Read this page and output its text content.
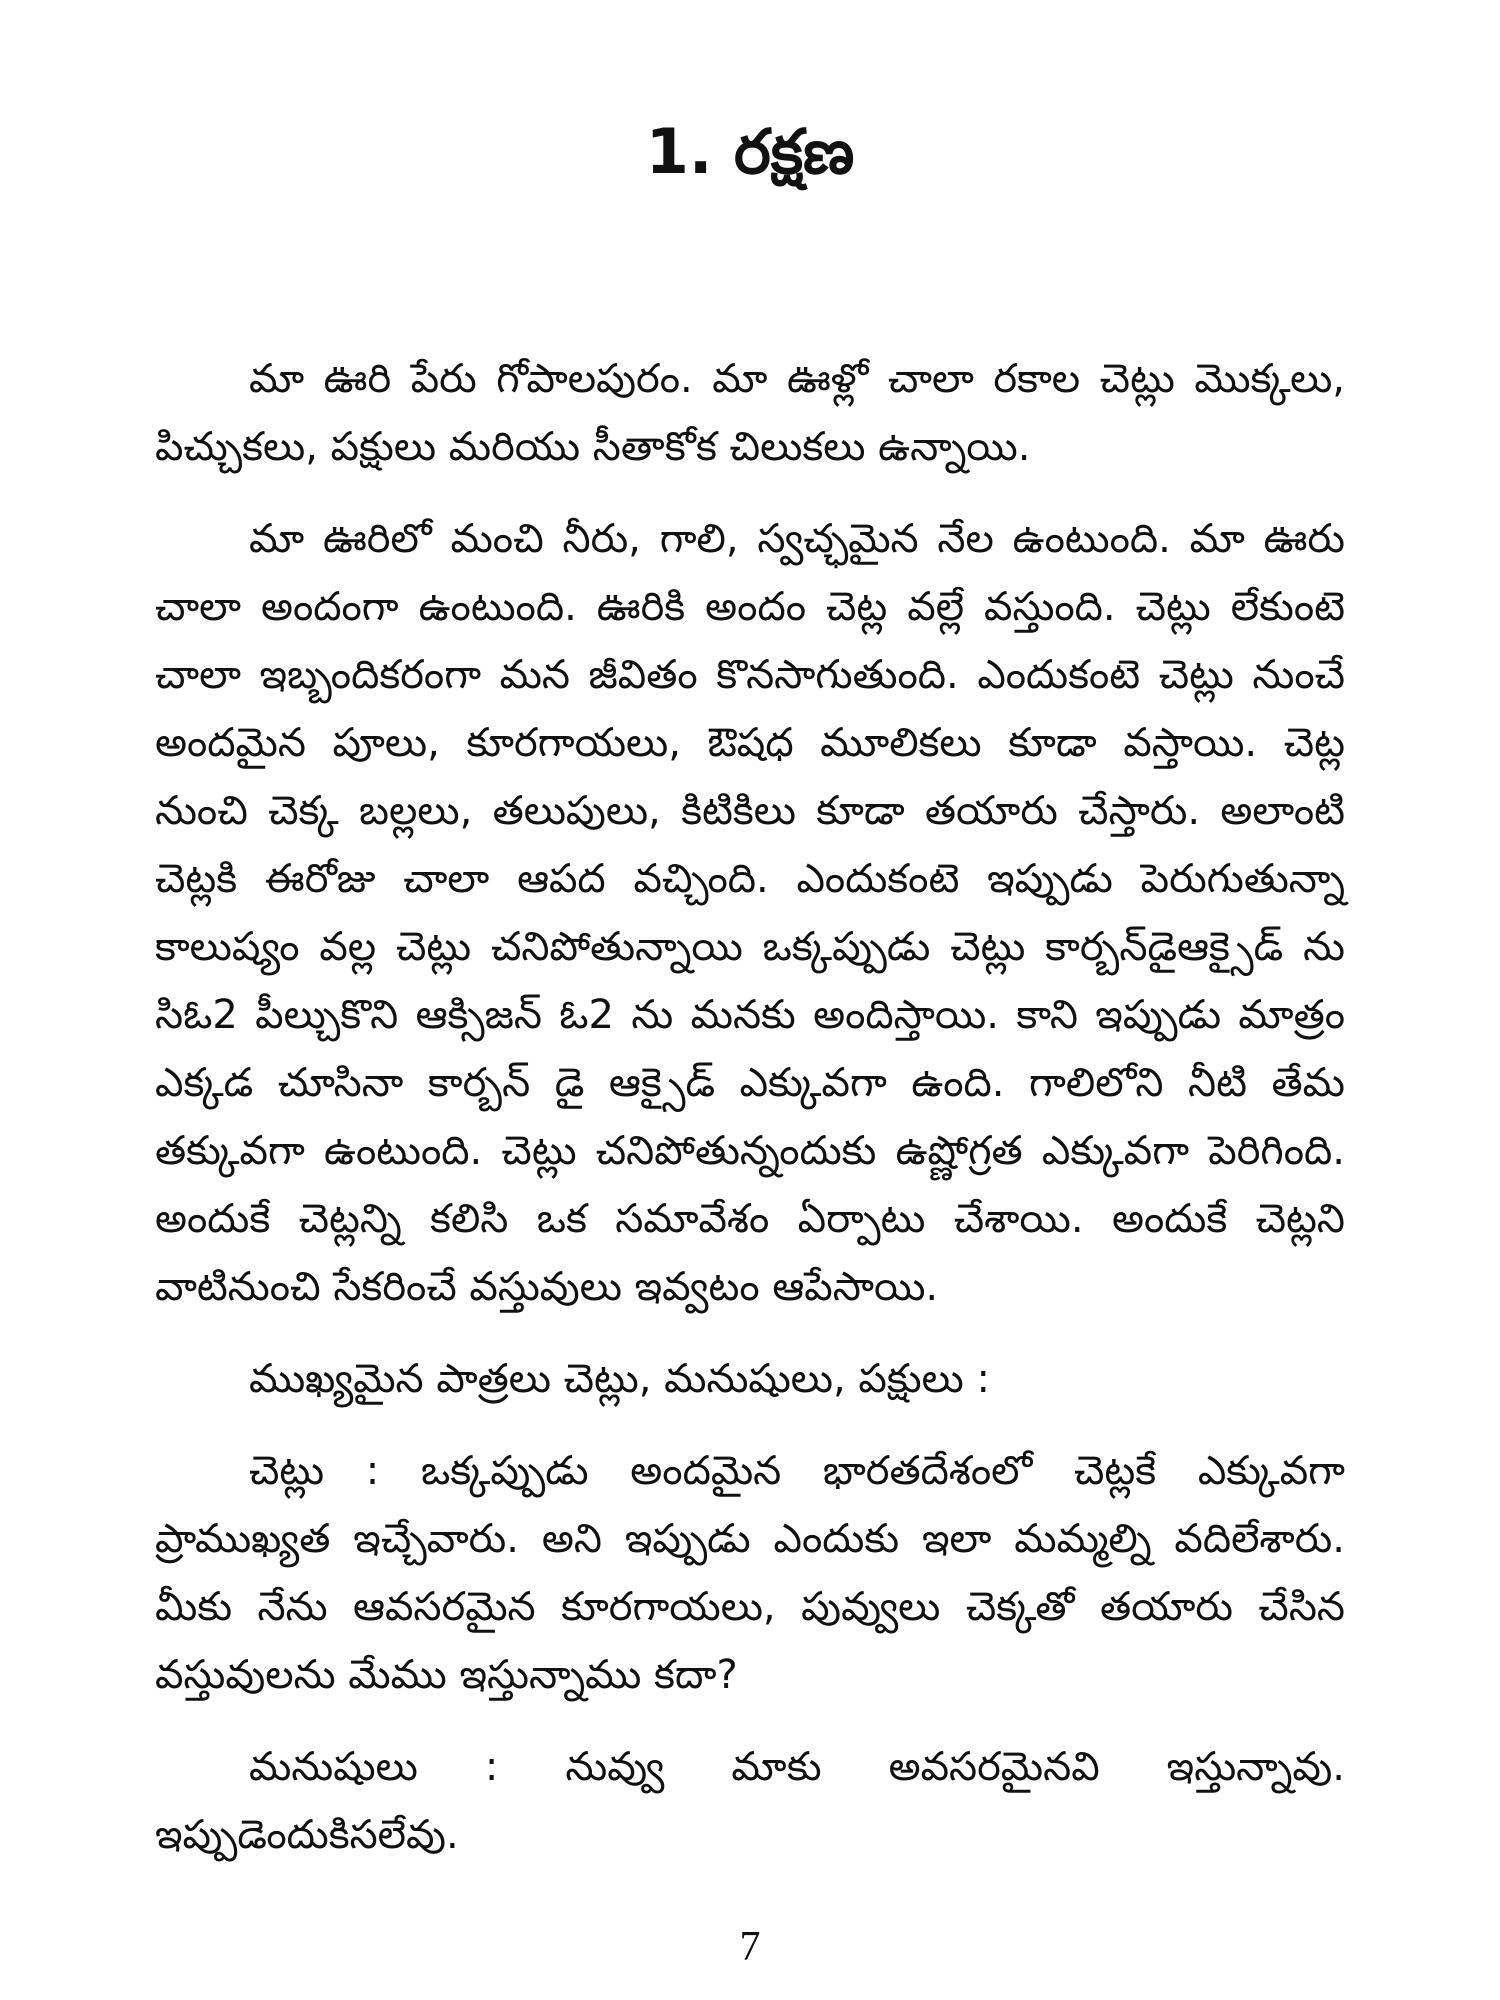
1. రక్షణ

మా ఊరి పేరు గోపాలపురం. మా ఊళ్లో చాలా రకాల చెట్లు మొక్కలు, పిచ్చుకలు, పక్షులు మరియు సీతాకోక చిలుకలు ఉన్నాయి.

మా ఊరిలో మంచి నీరు, గాలి, స్వచ్ఛమైన నేల ఉంటుంది. మా ఊరు చాలా అందంగా ఉంటుంది. ఊరికి అందం చెట్ల వల్లే వస్తుంది. చెట్లు లేకుంటె చాలా ఇబ్బందికరంగా మన జీవితం కొనసాగుతుంది. ఎందుకంటె చెట్లు నుంచే అందమైన పూలు, కూరగాయలు, ఔషధ మూలికలు కూడా వస్తాయి. చెట్ల నుంచి చెక్క బల్లలు, తలుపులు, కిటికిలు కూడా తయారు చేస్తారు. అలాంటి చెట్లకి ఈరోజు చాలా ఆపద వచ్చింది. ఎందుకంటె ఇప్పుడు పెరుగుతున్నా కాలుష్యం వల్ల చెట్లు చనిపోతున్నాయి ఒక్కప్పుడు చెట్లు కార్బన్‌డైఆక్సైడ్ ను సిఓ2 పీల్చుకొని ఆక్సిజన్ ఓ2 ను మనకు అందిస్తాయి. కాని ఇప్పుడు మాత్రం ఎక్కడ చూసినా కార్బన్ డై ఆక్సైడ్ ఎక్కువగా ఉంది. గాలిలోని నీటి తేమ తక్కువగా ఉంటుంది. చెట్లు చనిపోతున్నందుకు ఉష్ణోగ్రత ఎక్కువగా పెరిగింది. అందుకే చెట్లన్ని కలిసి ఒక సమావేశం ఏర్పాటు చేశాయి. అందుకే చెట్లని వాటినుంచి సేకరించే వస్తువులు ఇవ్వటం ఆపేసాయి.

ముఖ్యమైన పాత్రలు చెట్లు, మనుషులు, పక్షులు :

చెట్లు : ఒక్కప్పుడు అందమైన భారతదేశంలో చెట్లకే ఎక్కువగా ప్రాముఖ్యత ఇచ్చేవారు. అని ఇప్పుడు ఎందుకు ఇలా మమ్మల్ని వదిలేశారు. మీకు నేను ఆవసరమైన కూరగాయలు, పువ్వులు చెక్కతో తయారు చేసిన వస్తువులను మేము ఇస్తున్నాము కదా?

మనుషులు : నువ్వు మాకు అవసరమైనవి ఇస్తున్నావు. ఇప్పుడెందుకిసలేవు.

7
